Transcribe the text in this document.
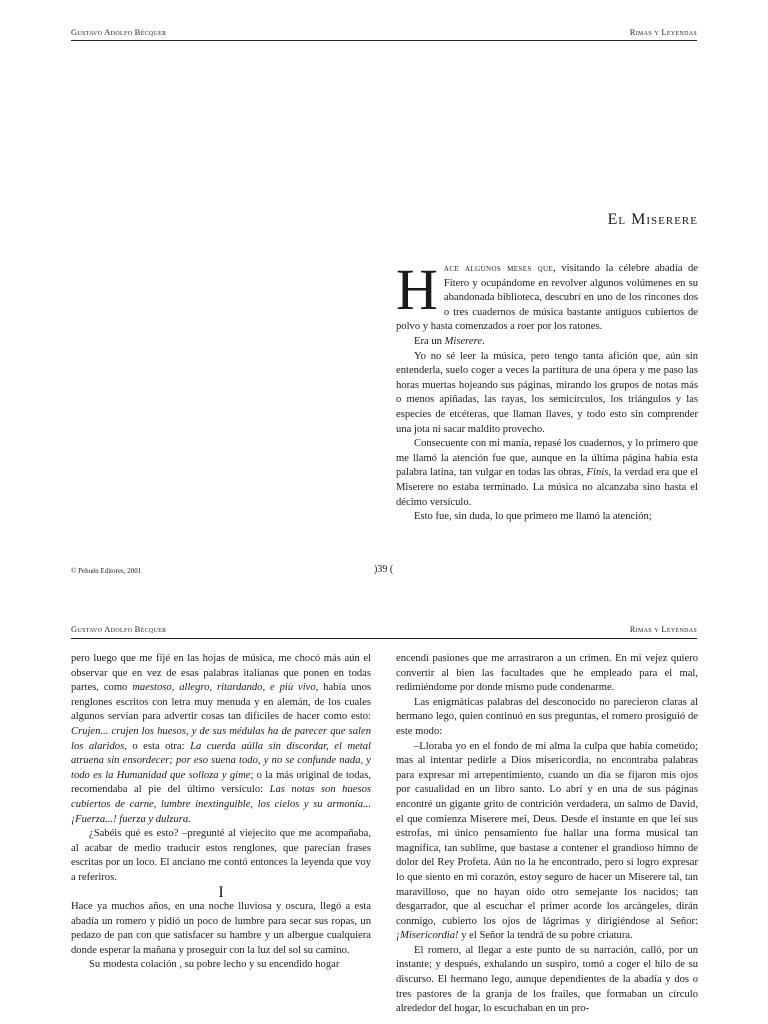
Gustavo Adolfo Bécquer	Rimas y Leyendas
El Miserere

Hace algunos meses que, visitando la célebre abadía de Fitero y ocupándome en revolver algunos volúmenes en su abandonada biblioteca, descubrí en uno de los rincones dos o tres cuadernos de música bastante antiguos cubiertos de polvo y hasta comenzados a roer por los ratones.

Era un Miserere.

Yo no sé leer la música, pero tengo tanta afición que, aún sin entenderla, suelo coger a veces la partitura de una ópera y me paso las horas muertas hojeando sus páginas, mirando los grupos de notas más o menos apiñadas, las rayas, los semicírculos, los triángulos y las especies de etcéteras, que llaman llaves, y todo esto sin comprender una jota ni sacar maldito provecho.

Consecuente con mi manía, repasé los cuadernos, y lo primero que me llamó la atención fue que, aunque en la última página había esta palabra latina, tan vulgar en todas las obras, Finis, la verdad era que el Miserere no estaba terminado. La música no alcanzaba sino hasta el décimo versículo.

Esto fue, sin duda, lo que primero me llamó la atención;

© Pehuén Editores, 2001	)39 (
Gustavo Adolfo Bécquer	Rimas y Leyendas

pero luego que me fijé en las hojas de música, me chocó más aún el observar que en vez de esas palabras italianas que ponen en todas partes, como maestoso, allegro, ritardando, e più vivo, había unos renglones escritos con letra muy menuda y en alemán, de los cuales algunos servían para advertir cosas tan difíciles de hacer como esto: Crujen... crujen los huesos, y de sus médulas ha de parecer que salen los alaridos, o esta otra: La cuerda aúlla sin discordar, el metal atruena sin ensordecer; por eso suena todo, y no se confunde nada, y todo es la Humanidad que solloza y gime; o la más original de todas, recomendaba al pie del último versículo: Las notas son huesos cubiertos de carne, lumbre inextinguible, los cielos y su armonía... ¡Fuerza...! fuerza y dulzura.

¿Sabéis qué es esto? –pregunté al viejecito que me acompañaba, al acabar de medio traducir estos renglones, que parecían frases escritas por un loco. El anciano me contó entonces la leyenda que voy a referiros.

I

Hace ya muchos años, en una noche lluviosa y oscura, llegó a esta abadía un romero y pidió un poco de lumbre para secar sus ropas, un pedazo de pan con que satisfacer su hambre y un albergue cualquiera donde esperar la mañana y proseguir con la luz del sol su camino.

Su modesta colación , su pobre lecho y su encendido hogar

encendí pasiones que me arrastraron a un crimen. En mi vejez quiero convertir al bien las facultades que he empleado para el mal, redimiéndome por donde mismo pude condenarme.

Las enigmáticas palabras del desconocido no parecieron claras al hermano lego, quien continuó en sus preguntas, el romero prosiguió de este modo:

–Lloraba yo en el fondo de mi alma la culpa que había cometido; mas al intentar pedirle a Dios misericordia, no encontraba palabras para expresar mi arrepentimiento, cuando un día se fijaron mis ojos por casualidad en un libro santo. Lo abrí y en una de sus páginas encontré un gigante grito de contrición verdadera, un salmo de David, el que comienza Miserere mei, Deus. Desde el instante en que leí sus estrofas, mi único pensamiento fue hallar una forma musical tan magnífica, tan sublime, que bastase a contener el grandioso himno de dolor del Rey Profeta. Aún no la he encontrado, pero si logro expresar lo que siento en mi corazón, estoy seguro de hacer un Miserere tal, tan maravilloso, que no hayan oído otro semejante los nacidos; tan desgarrador, que al escuchar el primer acorde los arcángeles, dirán conmigo, cubierto los ojos de lágrimas y dirigiéndose al Señor: ¡Misericordia! y el Señor la tendrá de su pobre criatura.

El romero, al llegar a este punto de su narración, calló, por un instante; y después, exhalando un suspiro, tomó a coger el hilo de su discurso. El hermano lego, aunque dependientes de la abadía y dos o tres pastores de la granja de los frailes, que formaban un círculo alrededor del hogar, lo escuchaban en un pro-
